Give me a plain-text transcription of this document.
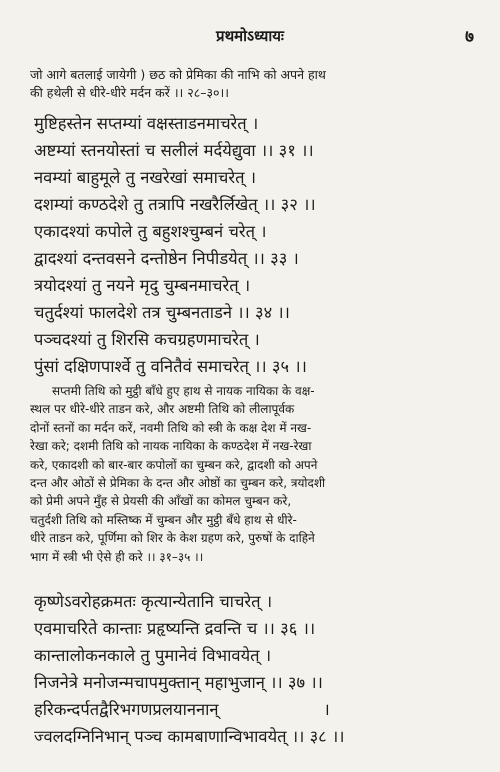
प्रथमोऽध्यायः	७
जो आगे बतलाई जायेगी ) छठ को प्रेमिका की नाभि को अपने हाथ
की हथेली से धीरे-धीरे मर्दन करें ।। २८–३०।।
मुष्टिहस्तेन सप्तम्यां वक्षस्ताडनमाचरेत् ।
अष्टम्यां स्तनयोस्तां च सलीलं मर्दयेद्युवा ।। ३१ ।।
नवम्यां बाहुमूले तु नखरेखां समाचरेत् ।
दशम्यां कण्ठदेशे तु तत्रापि नखरैर्लिखेत् ।। ३२ ।।
एकादश्यां कपोले तु बहुशश्चुम्बनं चरेत् ।
द्वादश्यां दन्तवसने दन्तोष्ठेन निपीडयेत् ।। ३३ ।
त्रयोदश्यां तु नयने मृदु चुम्बनमाचरेत् ।
चतुर्दश्यां फालदेशे तत्र चुम्बनताडने ।। ३४ ।।
पञ्चदश्यां तु शिरसि कचग्रहणमाचरेत् ।
पुंसां दक्षिणपार्श्वे तु वनितैवं समाचरेत् ।। ३५ ।।
सप्तमी तिथि को मुट्ठी बाँधे हुए हाथ से नायक नायिका के वक्ष-
स्थल पर धीरे-धीरे ताडन करे, और अष्टमी तिथि को लीलापूर्वक
दोनों स्तनों का मर्दन करें, नवमी तिथि को स्त्री के कक्ष देश में नख-
रेखा करे; दशमी तिथि को नायक नायिका के कण्ठदेश में नख-रेखा
करे, एकादशी को बार-बार कपोलों का चुम्बन करे, द्वादशी को अपने
दन्त और ओठों से प्रेमिका के दन्त और ओष्ठों का चुम्बन करे, त्रयोदशी
को प्रेमी अपने मुँह से प्रेयसी की आँखों का कोमल चुम्बन करे,
चतुर्दशी तिथि को मस्तिष्क में चुम्बन और मुट्ठी बँधे हाथ से धीरे-
धीरे ताडन करे, पूर्णिमा को शिर के केश ग्रहण करे, पुरुषों के दाहिने
भाग में स्त्री भी ऐसे ही करे ।। ३१–३५ ।।
कृष्णेऽवरोहक्रमतः कृत्यान्येतानि चाचरेत् ।
एवमाचरिते कान्ताः प्रहृष्यन्ति द्रवन्ति च ।। ३६ ।।
कान्तालोकनकाले तु पुमानेवं विभावयेत् ।
निजनेत्रे मनोजन्मचापमुक्तान् महाभुजान् ।। ३७ ।।
हरिकन्दर्पतद्वैरिभगणप्रलयाननान्                    ।
ज्वलदग्निनिभान् पञ्च कामबाणान्विभावयेत् ।। ३८ ।।
